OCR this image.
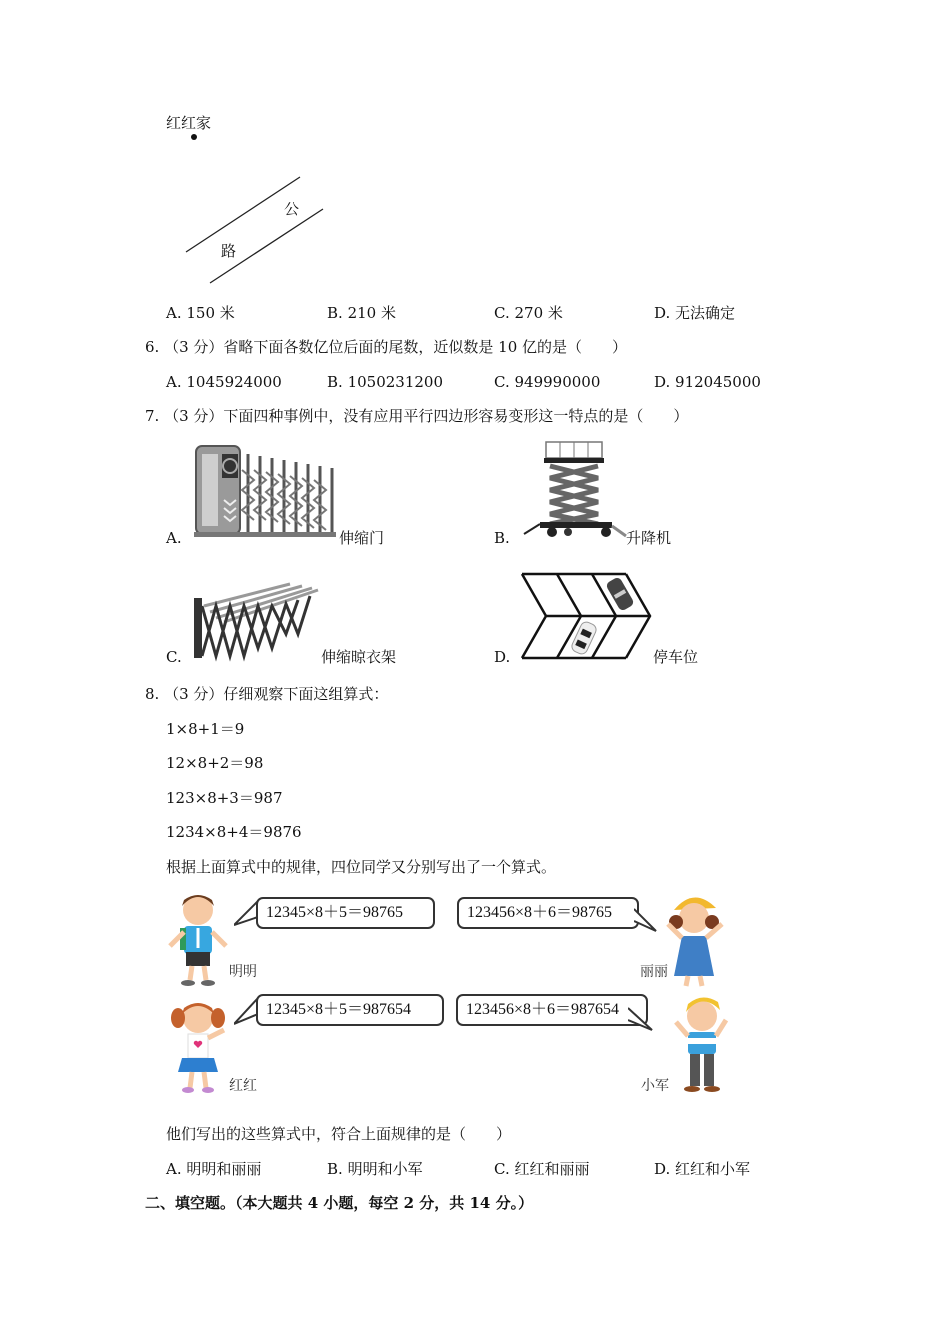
红红家
公
路
A. 150 米	B. 210 米	C. 270 米	D. 无法确定
6. （3 分）省略下面各数亿位后面的尾数，近似数是 10 亿的是（　　）
A. 1045924000	B. 1050231200	C. 949990000	D. 912045000
7. （3 分）下面四种事例中，没有应用平行四边形容易变形这一特点的是（　　）
A.	伸缩门	B.	升降机
C.	伸缩晾衣架	D.	停车位
8. （3 分）仔细观察下面这组算式：
1×8+1＝9
12×8+2＝98
123×8+3＝987
1234×8+4＝9876
根据上面算式中的规律，四位同学又分别写出了一个算式。
明明
12345×8＋5＝98765	123456×8＋6＝98765
丽丽
红红
12345×8＋5＝987654	123456×8＋6＝987654
小军
他们写出的这些算式中，符合上面规律的是（　　）
A. 明明和丽丽	B. 明明和小军	C. 红红和丽丽	D. 红红和小军
二、填空题。（本大题共 4 小题，每空 2 分，共 14 分。）
